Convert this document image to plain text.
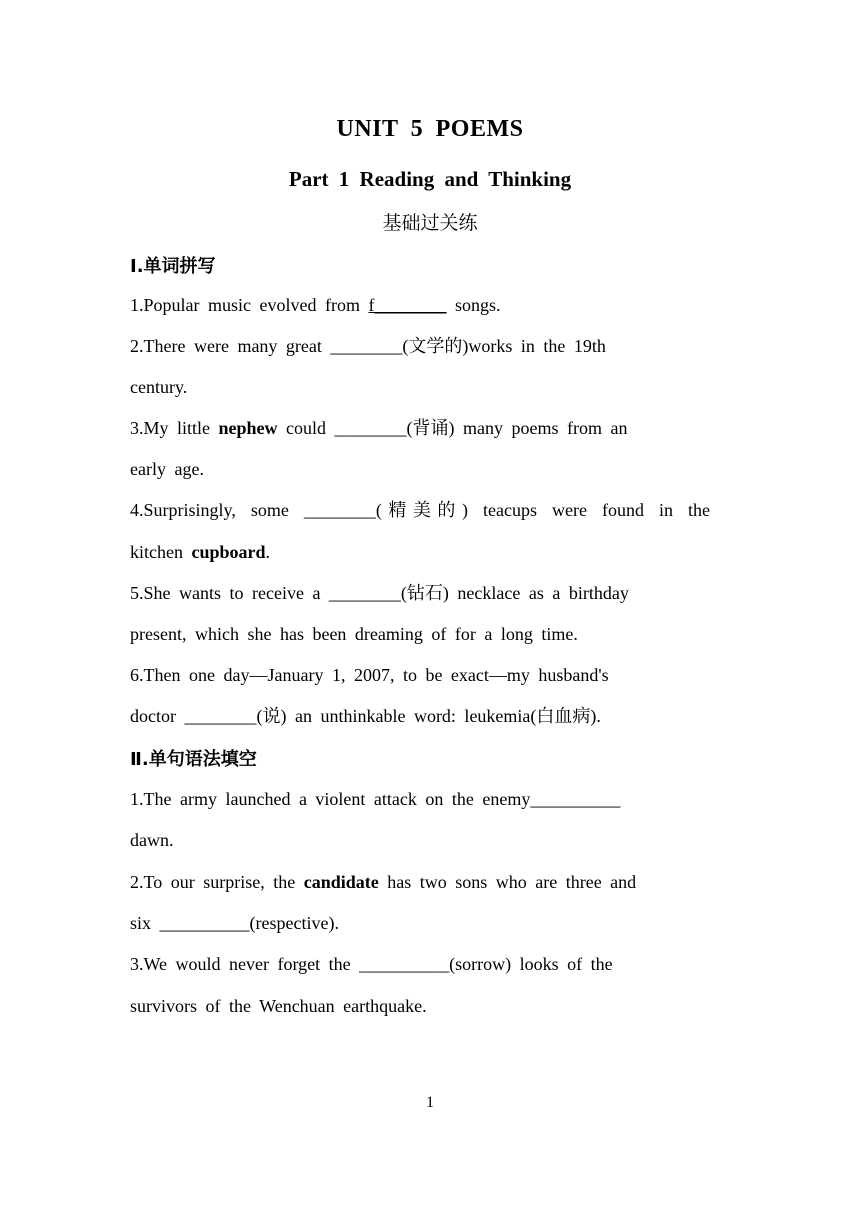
UNIT 5 POEMS
Part 1 Reading and Thinking
基础过关练
Ⅰ.单词拼写
1.Popular music evolved from f________ songs.
2.There were many great ________(文学的)works in the 19th
century.
3.My little nephew could ________(背诵) many poems from an
early age.
4.Surprisingly, some ________(精美的) teacups were found in the
kitchen cupboard.
5.She wants to receive a ________(钻石) necklace as a birthday
present, which she has been dreaming of for a long time.
6.Then one day—January 1, 2007, to be exact—my husband's
doctor ________(说) an unthinkable word: leukemia(白血病).
Ⅱ.单句语法填空
1.The army launched a violent attack on the enemy__________
dawn.
2.To our surprise, the candidate has two sons who are three and
six __________(respective).
3.We would never forget the __________(sorrow) looks of the
survivors of the Wenchuan earthquake.
1
